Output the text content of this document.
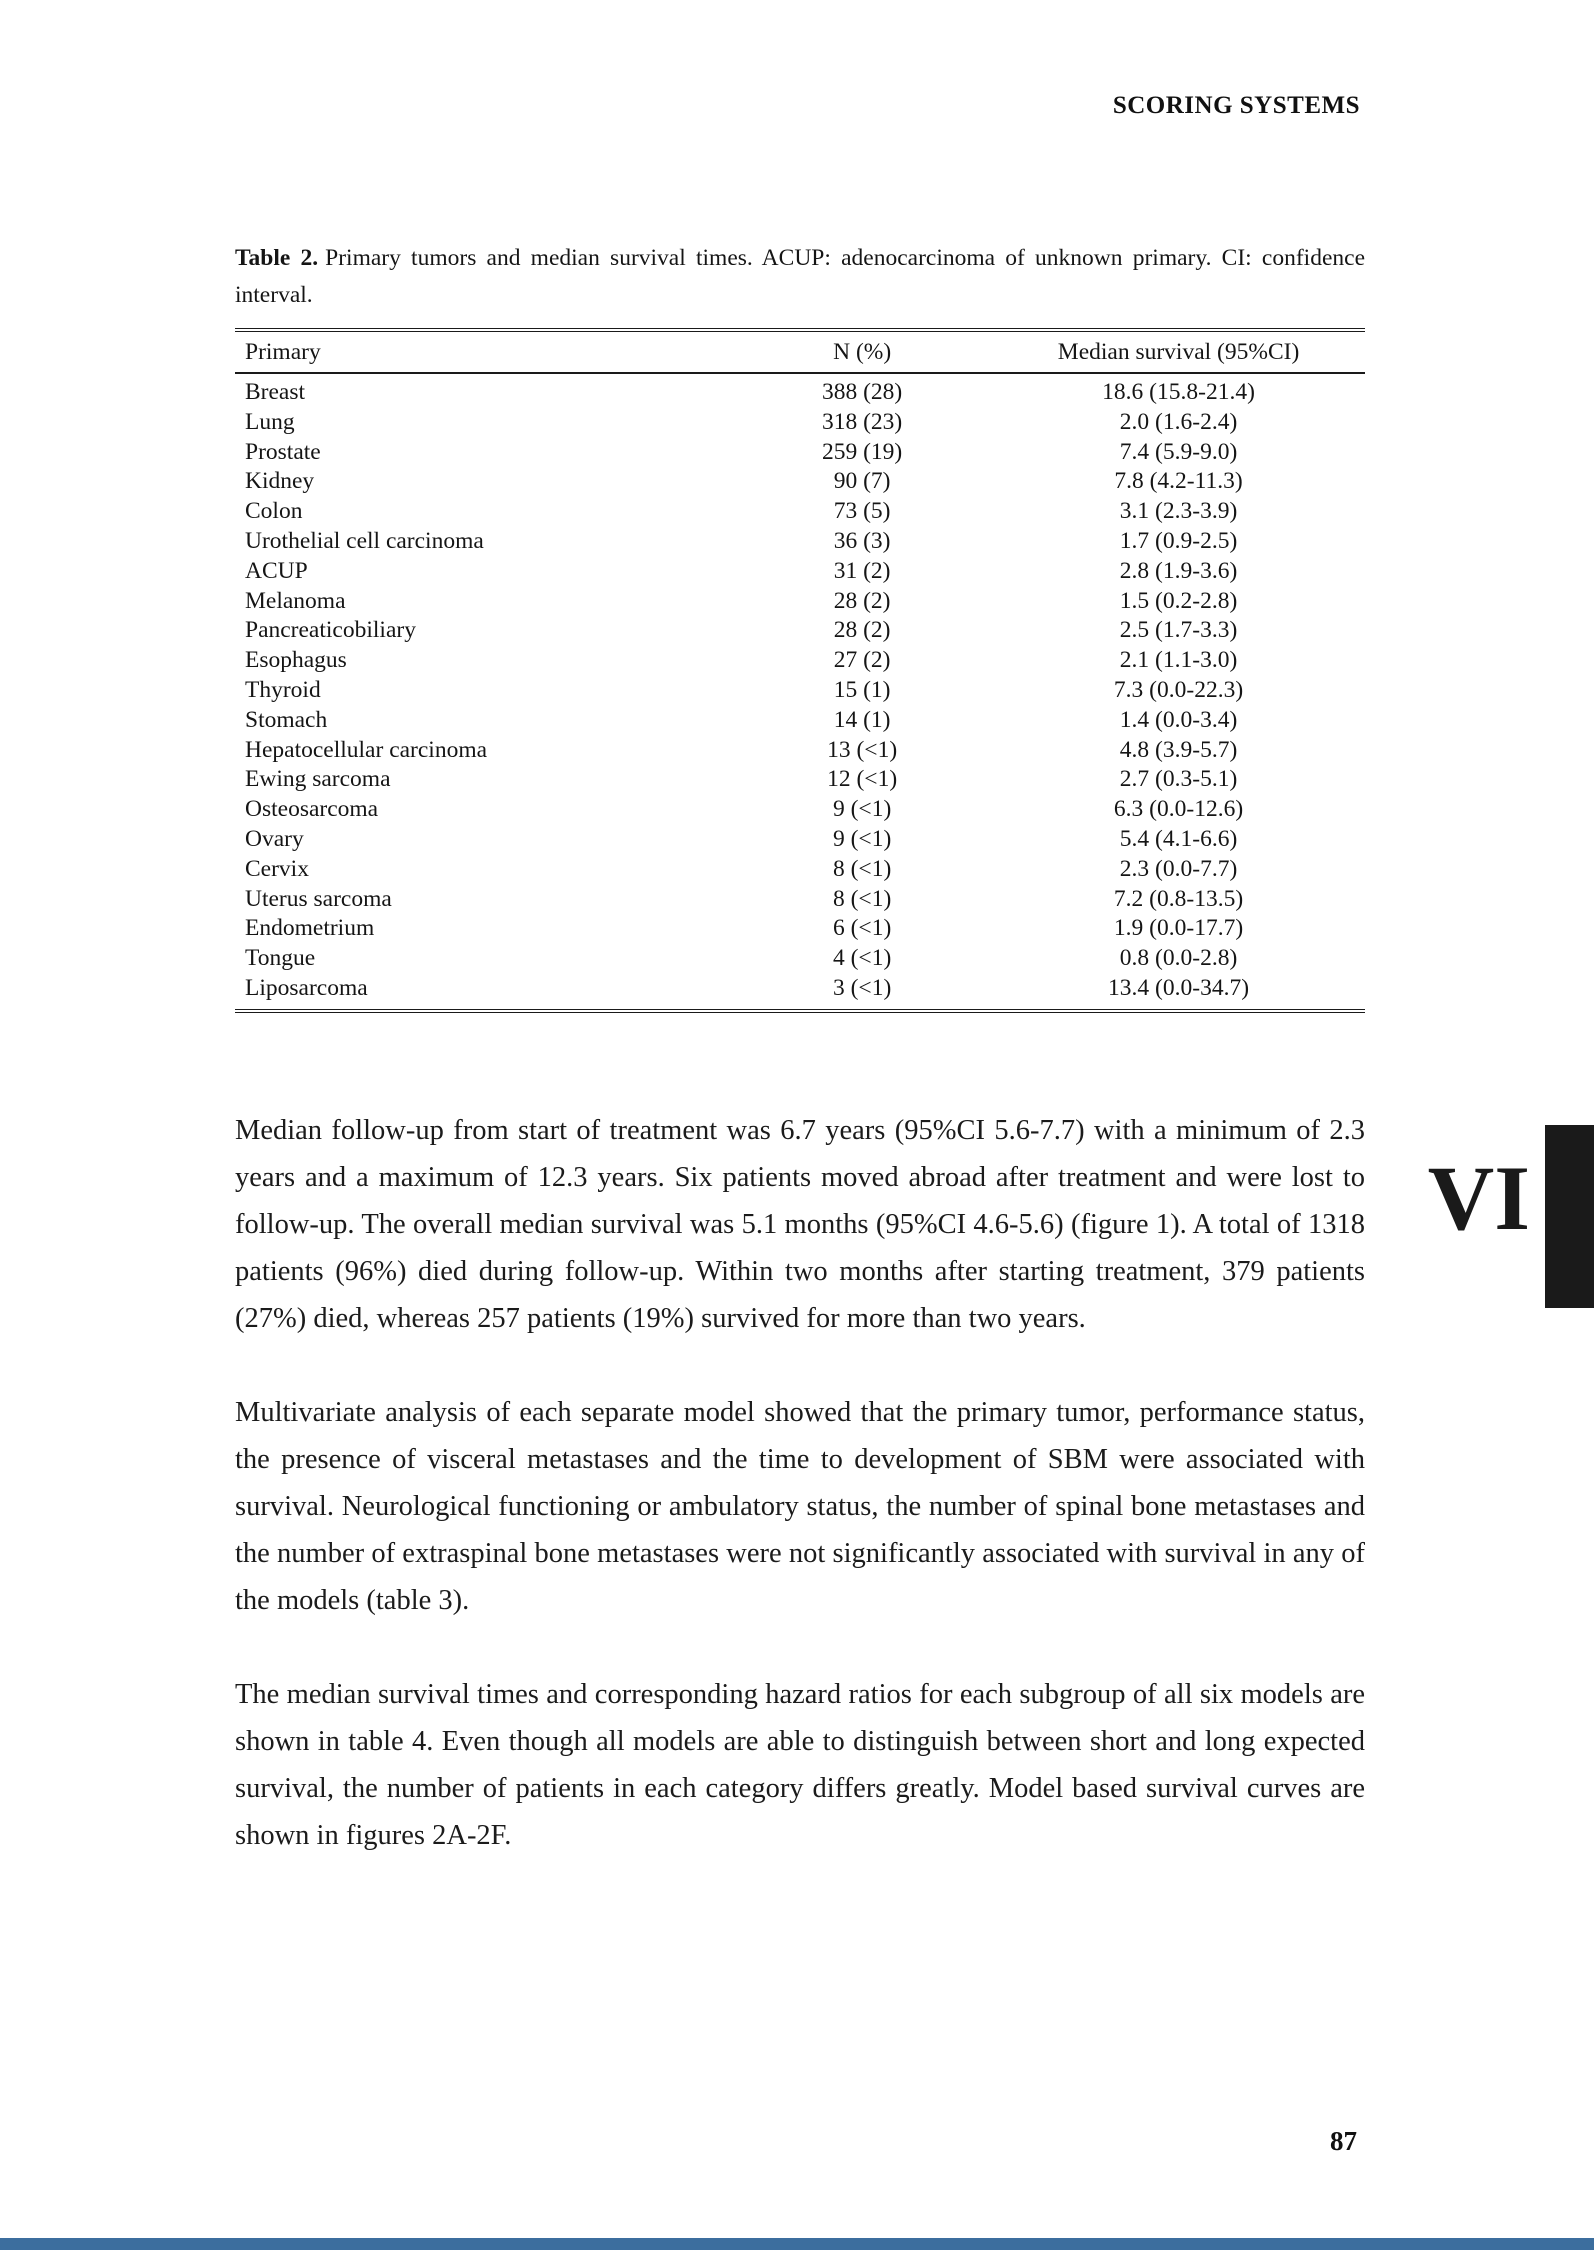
SCORING SYSTEMS
Table 2. Primary tumors and median survival times. ACUP: adenocarcinoma of unknown primary. CI: confidence interval.
Primary	N (%)	Median survival (95%CI)
Breast	388 (28)	18.6 (15.8-21.4)
Lung	318 (23)	2.0 (1.6-2.4)
Prostate	259 (19)	7.4 (5.9-9.0)
Kidney	90 (7)	7.8 (4.2-11.3)
Colon	73 (5)	3.1 (2.3-3.9)
Urothelial cell carcinoma	36 (3)	1.7 (0.9-2.5)
ACUP	31 (2)	2.8 (1.9-3.6)
Melanoma	28 (2)	1.5 (0.2-2.8)
Pancreaticobiliary	28 (2)	2.5 (1.7-3.3)
Esophagus	27 (2)	2.1 (1.1-3.0)
Thyroid	15 (1)	7.3 (0.0-22.3)
Stomach	14 (1)	1.4 (0.0-3.4)
Hepatocellular carcinoma	13 (<1)	4.8 (3.9-5.7)
Ewing sarcoma	12 (<1)	2.7 (0.3-5.1)
Osteosarcoma	9 (<1)	6.3 (0.0-12.6)
Ovary	9 (<1)	5.4 (4.1-6.6)
Cervix	8 (<1)	2.3 (0.0-7.7)
Uterus sarcoma	8 (<1)	7.2 (0.8-13.5)
Endometrium	6 (<1)	1.9 (0.0-17.7)
Tongue	4 (<1)	0.8 (0.0-2.8)
Liposarcoma	3 (<1)	13.4 (0.0-34.7)

Median follow-up from start of treatment was 6.7 years (95%CI 5.6-7.7) with a minimum of 2.3 years and a maximum of 12.3 years. Six patients moved abroad after treatment and were lost to follow-up. The overall median survival was 5.1 months (95%CI 4.6-5.6) (figure 1). A total of 1318 patients (96%) died during follow-up. Within two months after starting treatment, 379 patients (27%) died, whereas 257 patients (19%) survived for more than two years.

Multivariate analysis of each separate model showed that the primary tumor, performance status, the presence of visceral metastases and the time to development of SBM were associated with survival. Neurological functioning or ambulatory status, the number of spinal bone metastases and the number of extraspinal bone metastases were not significantly associated with survival in any of the models (table 3).

The median survival times and corresponding hazard ratios for each subgroup of all six models are shown in table 4. Even though all models are able to distinguish between short and long expected survival, the number of patients in each category differs greatly. Model based survival curves are shown in figures 2A-2F.

VI
87
